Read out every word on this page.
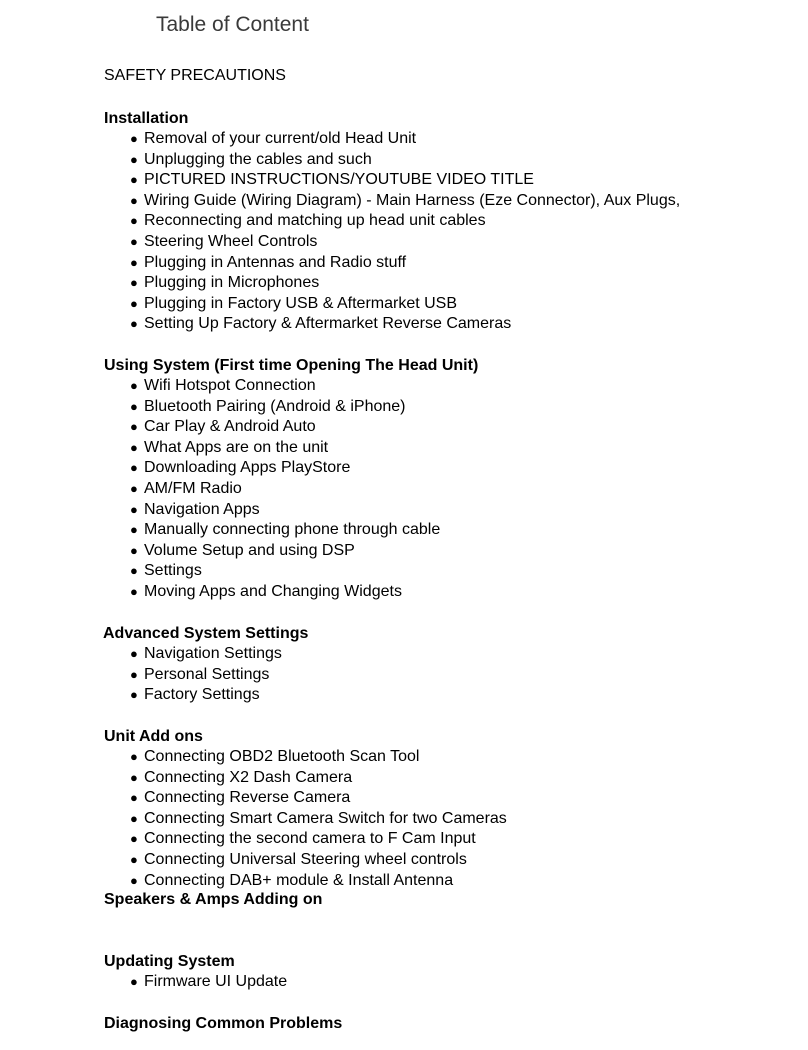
Table of Content
SAFETY PRECAUTIONS
Installation
● Removal of your current/old Head Unit
● Unplugging the cables and such
● PICTURED INSTRUCTIONS/YOUTUBE VIDEO TITLE
● Wiring Guide (Wiring Diagram) - Main Harness (Eze Connector), Aux Plugs,
● Reconnecting and matching up head unit cables
● Steering Wheel Controls
● Plugging in Antennas and Radio stuff
● Plugging in Microphones
● Plugging in Factory USB & Aftermarket USB
● Setting Up Factory & Aftermarket Reverse Cameras
Using System (First time Opening The Head Unit)
● Wifi Hotspot Connection
● Bluetooth Pairing (Android & iPhone)
● Car Play & Android Auto
● What Apps are on the unit
● Downloading Apps PlayStore
● AM/FM Radio
● Navigation Apps
● Manually connecting phone through cable
● Volume Setup and using DSP
● Settings
● Moving Apps and Changing Widgets
Advanced System Settings
● Navigation Settings
● Personal Settings
● Factory Settings
Unit Add ons
● Connecting OBD2 Bluetooth Scan Tool
● Connecting X2 Dash Camera
● Connecting Reverse Camera
● Connecting Smart Camera Switch for two Cameras
● Connecting the second camera to F Cam Input
● Connecting Universal Steering wheel controls
● Connecting DAB+ module & Install Antenna
Speakers & Amps Adding on
Updating System
● Firmware UI Update
Diagnosing Common Problems
